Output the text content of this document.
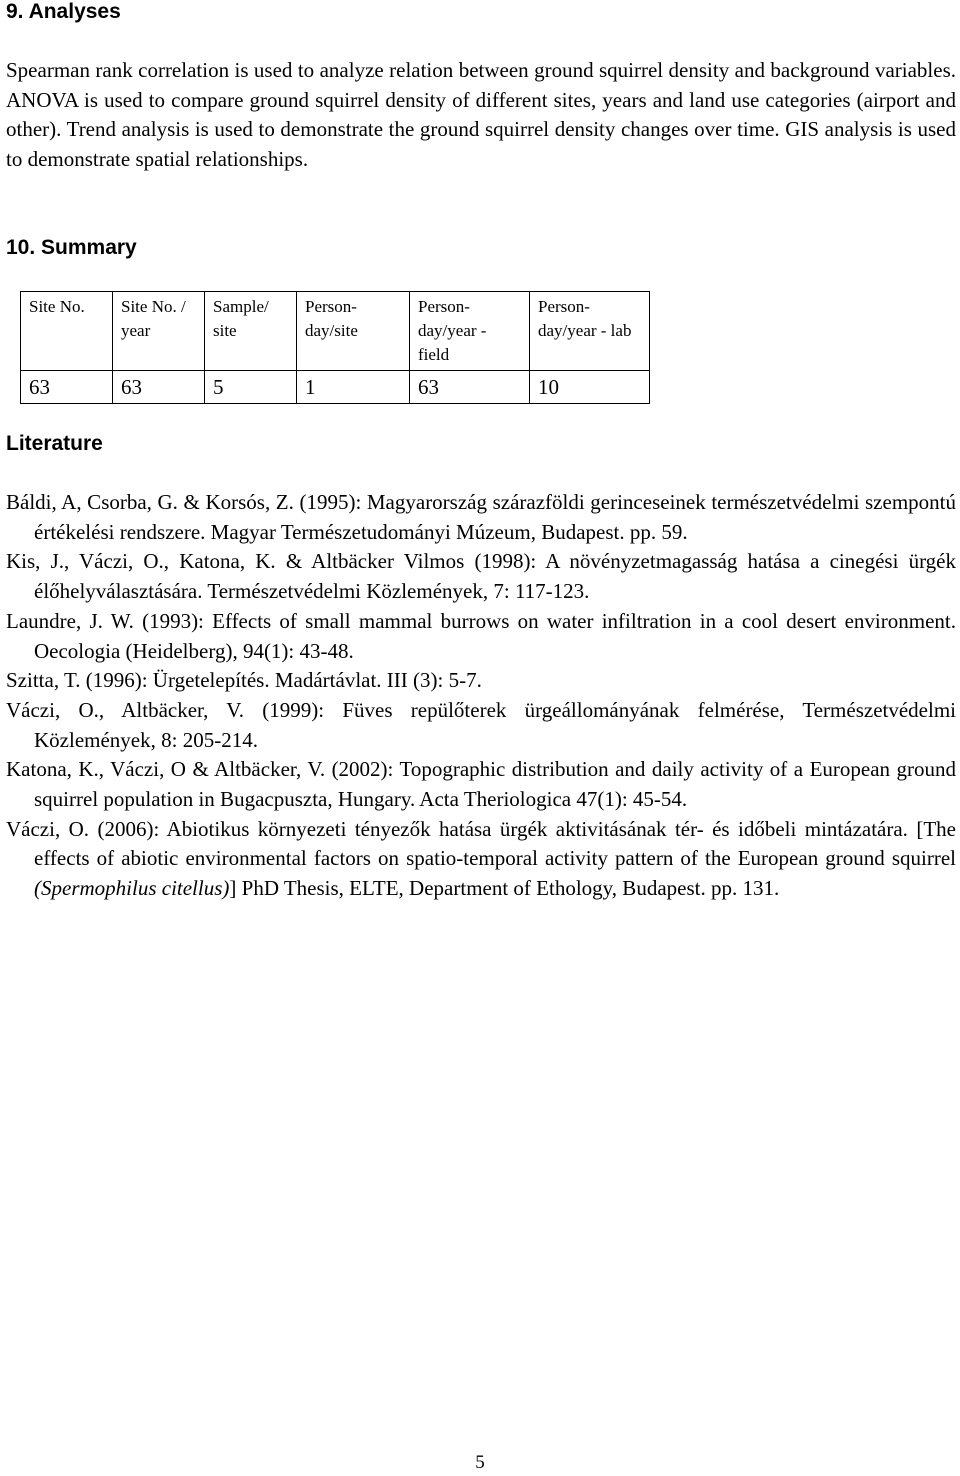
9. Analyses

Spearman rank correlation is used to analyze relation between ground squirrel density and background variables. ANOVA is used to compare ground squirrel density of different sites, years and land use categories (airport and other). Trend analysis is used to demonstrate the ground squirrel density changes over time. GIS analysis is used to demonstrate spatial relationships.

10. Summary
Site No.	Site No. / year	Sample/ site	Person-day/site	Person-day/year - field	Person-day/year - lab
63	63	5	1	63	10
Literature
Báldi, A, Csorba, G. & Korsós, Z. (1995): Magyarország szárazföldi gerinceseinek természetvédelmi szempontú értékelési rendszere. Magyar Természetudományi Múzeum, Budapest. pp. 59.
Kis, J., Váczi, O., Katona, K. & Altbäcker Vilmos (1998): A növényzetmagasság hatása a cinegési ürgék élőhelyválasztására. Természetvédelmi Közlemények, 7: 117-123.
Laundre, J. W. (1993): Effects of small mammal burrows on water infiltration in a cool desert environment. Oecologia (Heidelberg), 94(1): 43-48.
Szitta, T. (1996): Ürgetelepítés. Madártávlat. III (3): 5-7.
Váczi, O., Altbäcker, V. (1999): Füves repülőterek ürgeállományának felmérése, Természetvédelmi Közlemények, 8: 205-214.
Katona, K., Váczi, O & Altbäcker, V. (2002): Topographic distribution and daily activity of a European ground squirrel population in Bugacpuszta, Hungary. Acta Theriologica 47(1): 45-54.
Váczi, O. (2006): Abiotikus környezeti tényezők hatása ürgék aktivitásának tér- és időbeli mintázatára. [The effects of abiotic environmental factors on spatio-temporal activity pattern of the European ground squirrel (Spermophilus citellus)] PhD Thesis, ELTE, Department of Ethology, Budapest. pp. 131.
5
